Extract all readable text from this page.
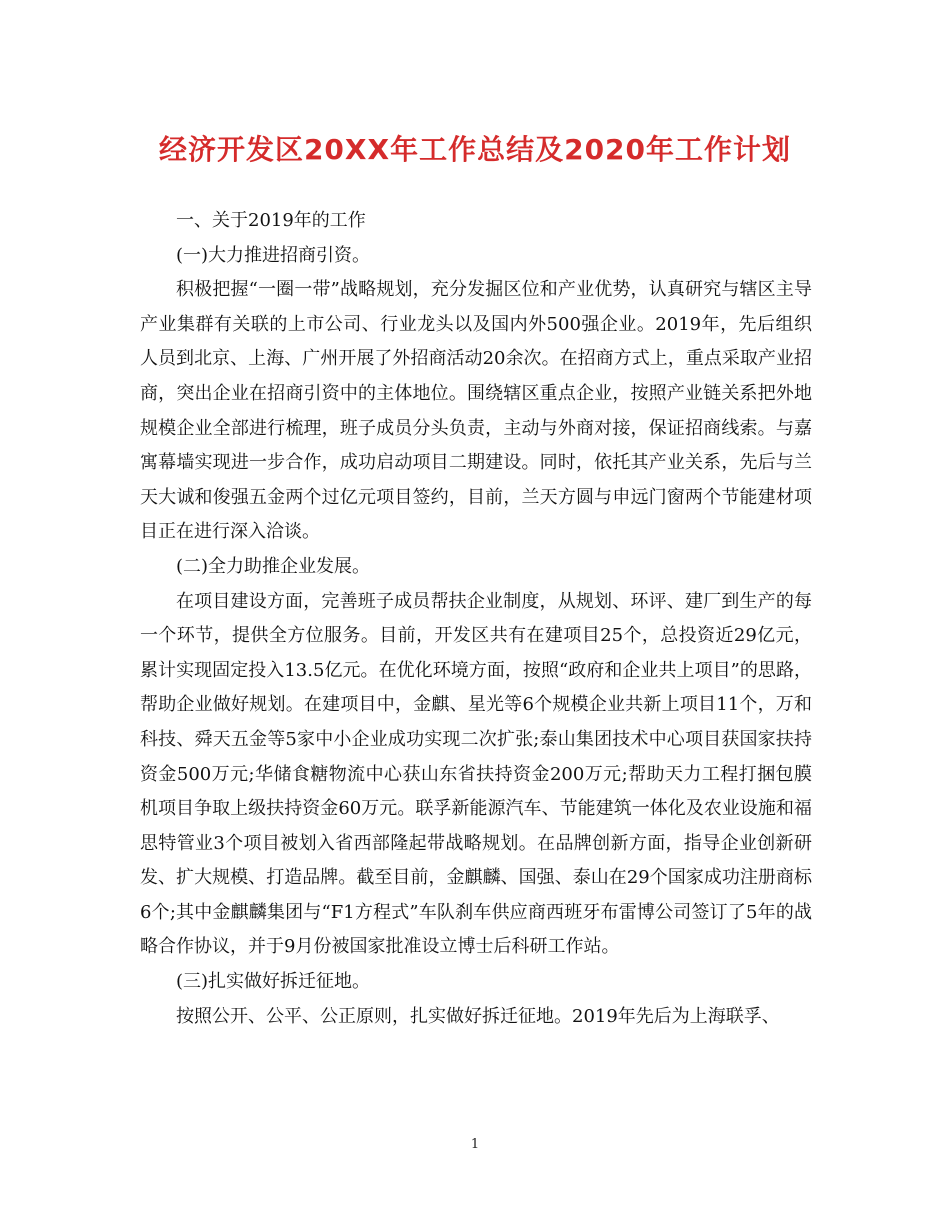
经济开发区20XX年工作总结及2020年工作计划

一、关于2019年的工作

(一)大力推进招商引资。

积极把握“一圈一带”战略规划，充分发掘区位和产业优势，认真研究与辖区主导产业集群有关联的上市公司、行业龙头以及国内外500强企业。2019年，先后组织人员到北京、上海、广州开展了外招商活动20余次。在招商方式上，重点采取产业招商，突出企业在招商引资中的主体地位。围绕辖区重点企业，按照产业链关系把外地规模企业全部进行梳理，班子成员分头负责，主动与外商对接，保证招商线索。与嘉寓幕墙实现进一步合作，成功启动项目二期建设。同时，依托其产业关系，先后与兰天大诚和俊强五金两个过亿元项目签约，目前，兰天方圆与申远门窗两个节能建材项目正在进行深入洽谈。

(二)全力助推企业发展。

在项目建设方面，完善班子成员帮扶企业制度，从规划、环评、建厂到生产的每一个环节，提供全方位服务。目前，开发区共有在建项目25个，总投资近29亿元，累计实现固定投入13.5亿元。在优化环境方面，按照“政府和企业共上项目”的思路，帮助企业做好规划。在建项目中，金麒、星光等6个规模企业共新上项目11个，万和科技、舜天五金等5家中小企业成功实现二次扩张;泰山集团技术中心项目获国家扶持资金500万元;华储食糖物流中心获山东省扶持资金200万元;帮助天力工程打捆包膜机项目争取上级扶持资金60万元。联孚新能源汽车、节能建筑一体化及农业设施和福思特管业3个项目被划入省西部隆起带战略规划。在品牌创新方面，指导企业创新研发、扩大规模、打造品牌。截至目前，金麒麟、国强、泰山在29个国家成功注册商标6个;其中金麒麟集团与“F1方程式”车队刹车供应商西班牙布雷博公司签订了5年的战略合作协议，并于9月份被国家批准设立博士后科研工作站。

(三)扎实做好拆迁征地。

按照公开、公平、公正原则，扎实做好拆迁征地。2019年先后为上海联孚、

1
